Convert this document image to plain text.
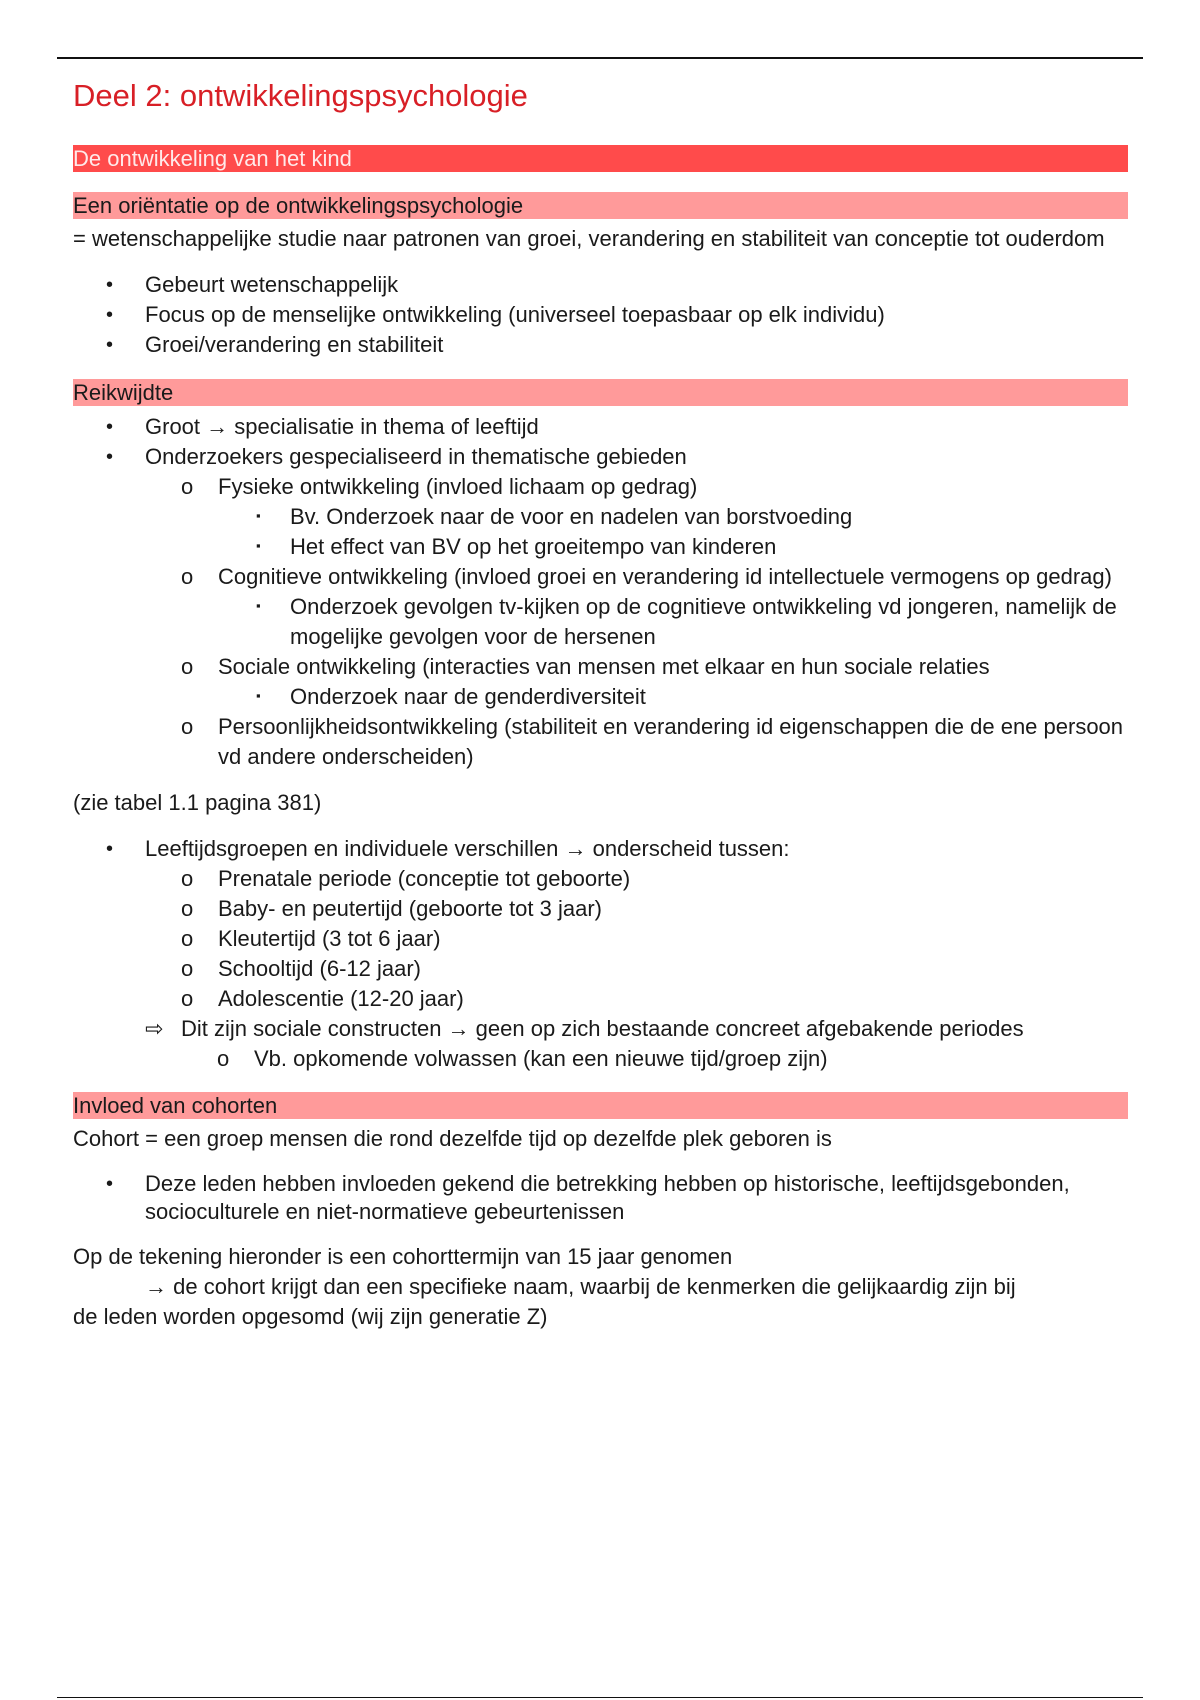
Deel 2: ontwikkelingspsychologie
De ontwikkeling van het kind
Een oriëntatie op de ontwikkelingspsychologie

= wetenschappelijke studie naar patronen van groei, verandering en stabiliteit van conceptie tot ouderdom

• Gebeurt wetenschappelijk
• Focus op de menselijke ontwikkeling (universeel toepasbaar op elk individu)
• Groei/verandering en stabiliteit
Reikwijdte
• Groot → specialisatie in thema of leeftijd
• Onderzoekers gespecialiseerd in thematische gebieden
o Fysieke ontwikkeling (invloed lichaam op gedrag)
▪ Bv. Onderzoek naar de voor en nadelen van borstvoeding
▪ Het effect van BV op het groeitempo van kinderen
o Cognitieve ontwikkeling (invloed groei en verandering id intellectuele vermogens op gedrag)
▪ Onderzoek gevolgen tv-kijken op de cognitieve ontwikkeling vd jongeren, namelijk de mogelijke gevolgen voor de hersenen
o Sociale ontwikkeling (interacties van mensen met elkaar en hun sociale relaties
▪ Onderzoek naar de genderdiversiteit
o Persoonlijkheidsontwikkeling (stabiliteit en verandering id eigenschappen die de ene persoon vd andere onderscheiden)

(zie tabel 1.1 pagina 381)

• Leeftijdsgroepen en individuele verschillen → onderscheid tussen:
o Prenatale periode (conceptie tot geboorte)
o Baby- en peutertijd (geboorte tot 3 jaar)
o Kleutertijd (3 tot 6 jaar)
o Schooltijd (6-12 jaar)
o Adolescentie (12-20 jaar)
⇨ Dit zijn sociale constructen → geen op zich bestaande concreet afgebakende periodes
o Vb. opkomende volwassen (kan een nieuwe tijd/groep zijn)
Invloed van cohorten

Cohort = een groep mensen die rond dezelfde tijd op dezelfde plek geboren is

• Deze leden hebben invloeden gekend die betrekking hebben op historische, leeftijdsgebonden, socioculturele en niet-normatieve gebeurtenissen

Op de tekening hieronder is een cohorttermijn van 15 jaar genomen

→ de cohort krijgt dan een specifieke naam, waarbij de kenmerken die gelijkaardig zijn bij

de leden worden opgesomd (wij zijn generatie Z)
